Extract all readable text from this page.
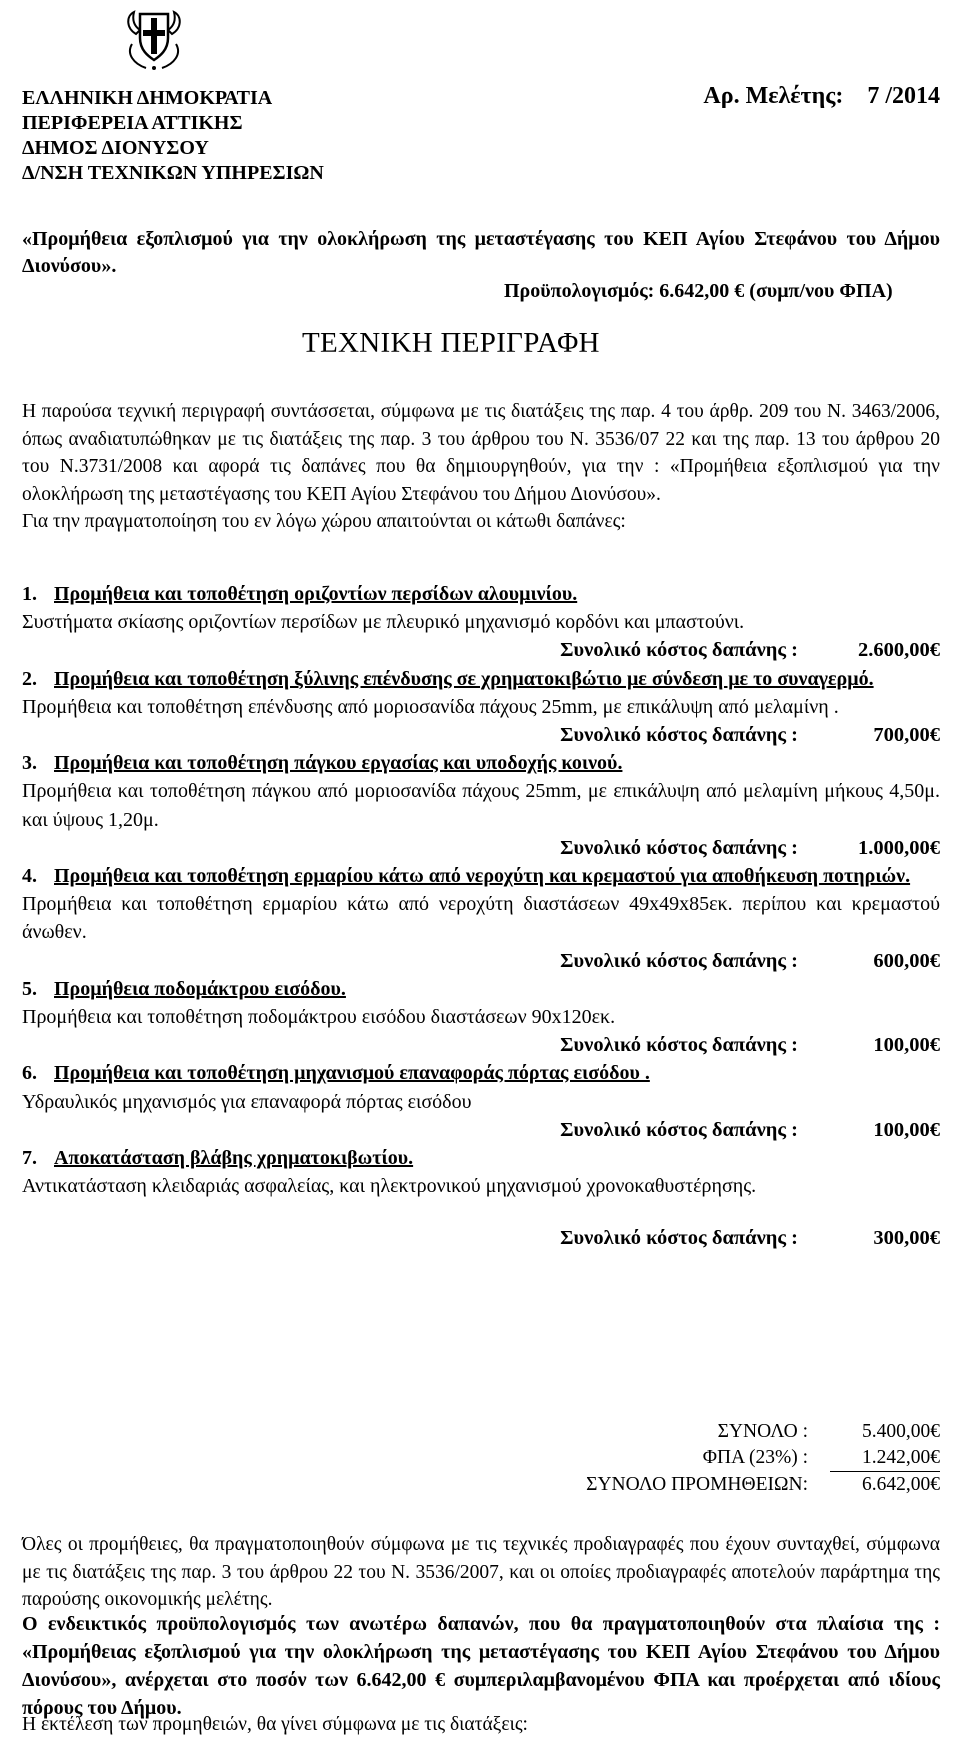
ΕΛΛΗΝΙΚΗ ΔΗΜΟΚΡΑΤΙΑ
ΠΕΡΙΦΕΡΕΙΑ ΑΤΤΙΚΗΣ
ΔΗΜΟΣ ΔΙΟΝΥΣΟΥ
Δ/ΝΣΗ ΤΕΧΝΙΚΩΝ ΥΠΗΡΕΣΙΩΝ
Αρ. Μελέτης: 7 /2014
«Προμήθεια εξοπλισμού για την ολοκλήρωση της μεταστέγασης του ΚΕΠ Αγίου Στεφάνου του Δήμου Διονύσου».
Προϋπολογισμός: 6.642,00 € (συμπ/νου ΦΠΑ)
ΤΕΧΝΙΚΗ ΠΕΡΙΓΡΑΦΗ
Η παρούσα τεχνική περιγραφή συντάσσεται, σύμφωνα με τις διατάξεις της παρ. 4 του άρθρ. 209 του Ν. 3463/2006, όπως αναδιατυπώθηκαν με τις διατάξεις της παρ. 3 του άρθρου του Ν. 3536/07 22 και της παρ. 13 του άρθρου 20 του Ν.3731/2008 και αφορά τις δαπάνες που θα δημιουργηθούν, για την : «Προμήθεια εξοπλισμού για την ολοκλήρωση της μεταστέγασης του ΚΕΠ Αγίου Στεφάνου του Δήμου Διονύσου».
Για την πραγματοποίηση του εν λόγω χώρου απαιτούνται οι κάτωθι δαπάνες:
1. Προμήθεια και τοποθέτηση οριζοντίων περσίδων αλουμινίου.
Συστήματα σκίασης οριζοντίων περσίδων με πλευρικό μηχανισμό κορδόνι και μπαστούνι.
Συνολικό κόστος δαπάνης :	2.600,00€
2. Προμήθεια και τοποθέτηση ξύλινης επένδυσης σε χρηματοκιβώτιο με σύνδεση με το συναγερμό.
Προμήθεια και τοποθέτηση επένδυσης από μοριοσανίδα πάχους 25mm, με επικάλυψη από μελαμίνη .
Συνολικό κόστος δαπάνης :	700,00€
3. Προμήθεια και τοποθέτηση πάγκου εργασίας και υποδοχής κοινού.
Προμήθεια και τοποθέτηση πάγκου από μοριοσανίδα πάχους 25mm, με επικάλυψη από μελαμίνη μήκους 4,50μ. και ύψους 1,20μ.
Συνολικό κόστος δαπάνης :	1.000,00€
4. Προμήθεια και τοποθέτηση ερμαρίου κάτω από νεροχύτη και κρεμαστού για αποθήκευση ποτηριών.
Προμήθεια και τοποθέτηση ερμαρίου κάτω από νεροχύτη διαστάσεων 49x49x85εκ. περίπου και κρεμαστού άνωθεν.
Συνολικό κόστος δαπάνης :	600,00€
5. Προμήθεια ποδομάκτρου εισόδου.
Προμήθεια και τοποθέτηση ποδομάκτρου εισόδου διαστάσεων 90x120εκ.
Συνολικό κόστος δαπάνης :	100,00€
6. Προμήθεια και τοποθέτηση μηχανισμού επαναφοράς πόρτας εισόδου .
Υδραυλικός μηχανισμός για επαναφορά πόρτας εισόδου
Συνολικό κόστος δαπάνης :	100,00€
7. Αποκατάσταση βλάβης χρηματοκιβωτίου.
Αντικατάσταση κλειδαριάς ασφαλείας, και ηλεκτρονικού μηχανισμού χρονοκαθυστέρησης.
Συνολικό κόστος δαπάνης :	300,00€
ΣΥΝΟΛΟ :	5.400,00€
ΦΠΑ (23%) :	1.242,00€
ΣΥΝΟΛΟ ΠΡΟΜΗΘΕΙΩΝ:	6.642,00€
Όλες οι προμήθειες, θα πραγματοποιηθούν σύμφωνα με τις τεχνικές προδιαγραφές που έχουν συνταχθεί, σύμφωνα με τις διατάξεις της παρ. 3 του άρθρου 22 του Ν. 3536/2007, και οι οποίες προδιαγραφές αποτελούν παράρτημα της παρούσης οικονομικής μελέτης.
Ο ενδεικτικός προϋπολογισμός των ανωτέρω δαπανών, που θα πραγματοποιηθούν στα πλαίσια της : «Προμήθειας εξοπλισμού για την ολοκλήρωση της μεταστέγασης του ΚΕΠ Αγίου Στεφάνου του Δήμου Διονύσου», ανέρχεται στο ποσόν των 6.642,00 € συμπεριλαμβανομένου ΦΠΑ και προέρχεται από ιδίους πόρους του Δήμου.
Η εκτέλεση των προμηθειών, θα γίνει σύμφωνα με τις διατάξεις:
